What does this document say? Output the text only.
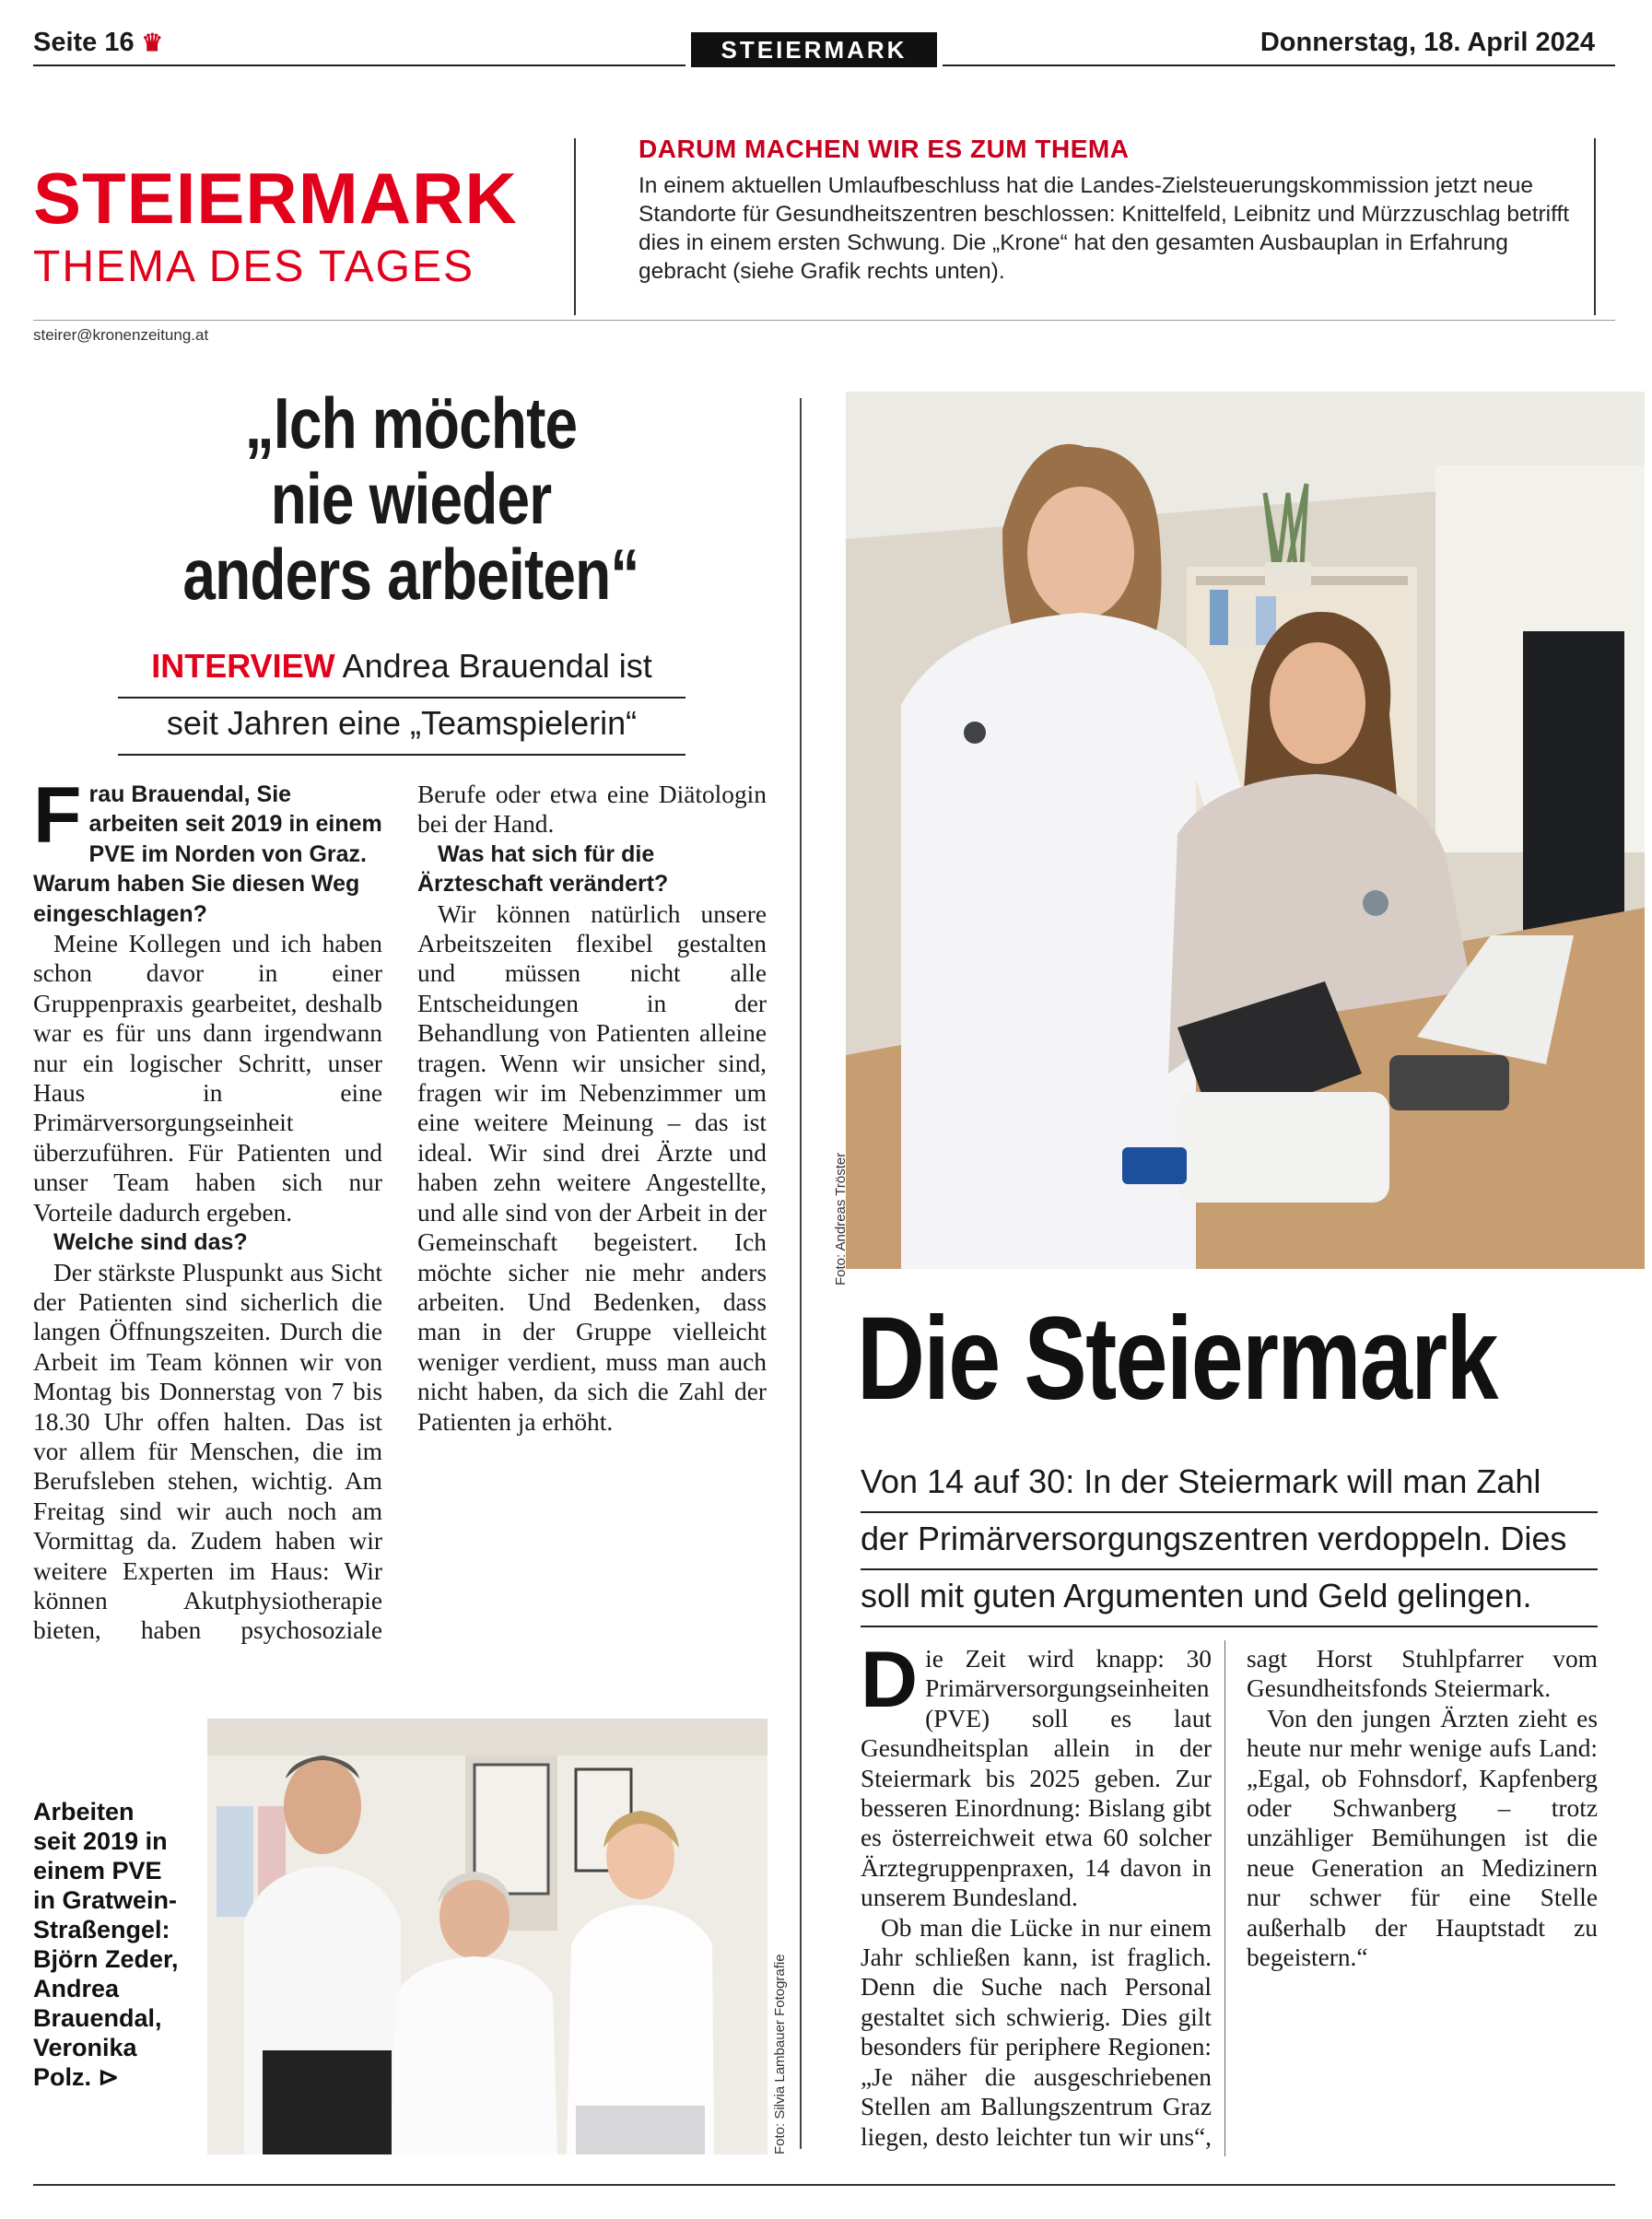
Seite 16 ♛	STEIERMARK	Donnerstag, 18. April 2024
STEIERMARK
THEMA DES TAGES
DARUM MACHEN WIR ES ZUM THEMA
In einem aktuellen Umlaufbeschluss hat die Landes-Zielsteuerungskommission jetzt neue Standorte für Gesundheitszentren beschlossen: Knittelfeld, Leibnitz und Mürzzuschlag betrifft dies in einem ersten Schwung. Die „Krone“ hat den gesamten Ausbauplan in Erfahrung gebracht (siehe Grafik rechts unten).
steirer@kronenzeitung.at
„Ich möchte
nie wieder
anders arbeiten“
INTERVIEW Andrea Brauendal ist
seit Jahren eine „Teamspielerin“
F rau Brauendal, Sie arbeiten seit 2019 in einem PVE im Norden von Graz. Warum haben Sie diesen Weg eingeschlagen?

Meine Kollegen und ich haben schon davor in einer Gruppenpraxis gearbeitet, deshalb war es für uns dann irgendwann nur ein logischer Schritt, unser Haus in eine Primärversorgungseinheit überzuführen. Für Patienten und unser Team haben sich nur Vorteile dadurch ergeben.

Welche sind das?

Der stärkste Pluspunkt aus Sicht der Patienten sind sicherlich die langen Öffnungszeiten. Durch die Arbeit im Team können wir von Montag bis Donnerstag von 7 bis 18.30 Uhr offen halten. Das ist vor allem für Menschen, die im Berufsleben stehen, wichtig. Am Freitag sind wir auch noch am Vormittag da. Zudem haben wir weitere Experten im Haus: Wir können Akutphysiotherapie bieten, haben psychosoziale Berufe oder etwa eine Diätologin bei der Hand.

Was hat sich für die Ärzteschaft verändert?

Wir können natürlich unsere Arbeitszeiten flexibel gestalten und müssen nicht alle Entscheidungen in der Behandlung von Patienten alleine tragen. Wenn wir unsicher sind, fragen wir im Nebenzimmer um eine weitere Meinung – das ist ideal. Wir sind drei Ärzte und haben zehn weitere Angestellte, und alle sind von der Arbeit in der Gemeinschaft begeistert. Ich möchte sicher nie mehr anders arbeiten. Und Bedenken, dass man in der Gruppe vielleicht weniger verdient, muss man auch nicht haben, da sich die Zahl der Patienten ja erhöht.

Arbeiten seit 2019 in einem PVE in Gratwein-Straßengel: Björn Zeder, Andrea Brauendal, Veronika Polz. ⊳	Foto: Silvia Lambauer Fotografie
Foto: Andreas Tröster
Die Steiermark
Von 14 auf 30: In der Steiermark will man Zahl
der Primärversorgungszentren verdoppeln. Dies
soll mit guten Argumenten und Geld gelingen.
D ie Zeit wird knapp: 30 Primärversorgungseinheiten (PVE) soll es laut Gesundheitsplan allein in der Steiermark bis 2025 geben. Zur besseren Einordnung: Bislang gibt es österreichweit etwa 60 solcher Ärztegruppenpraxen, 14 davon in unserem Bundesland.

Ob man die Lücke in nur einem Jahr schließen kann, ist fraglich. Denn die Suche nach Personal gestaltet sich schwierig. Dies gilt besonders für periphere Regionen: „Je näher die ausgeschriebenen Stellen am Ballungszentrum Graz liegen, desto leichter tun wir uns“, sagt Horst Stuhlpfarrer vom Gesundheitsfonds Steiermark.

Von den jungen Ärzten zieht es heute nur mehr wenige aufs Land: „Egal, ob Fohnsdorf, Kapfenberg oder Schwanberg – trotz unzähliger Bemühungen ist die neue Generation an Medizinern nur schwer für eine Stelle außerhalb der Hauptstadt zu begeistern.“
